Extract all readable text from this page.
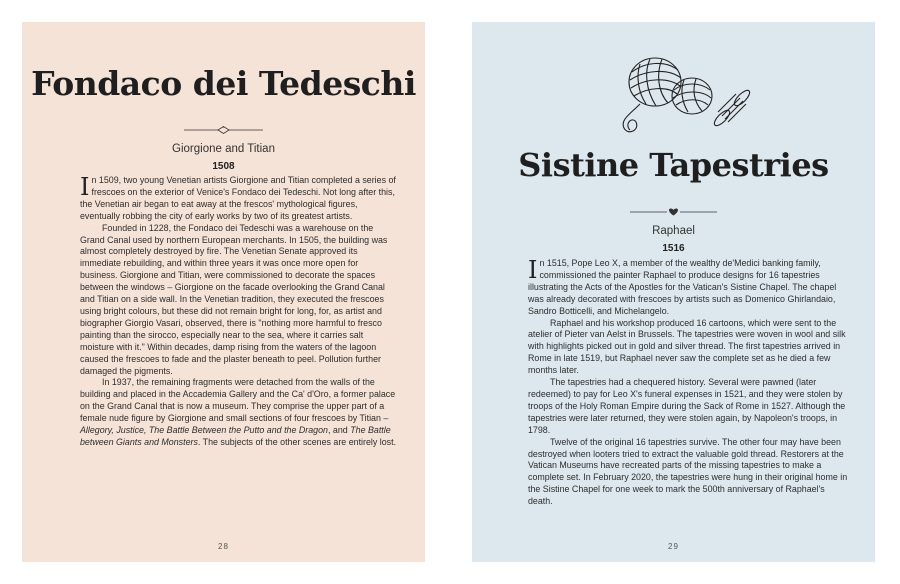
Fondaco dei Tedeschi
Giorgione and Titian
1508

In 1509, two young Venetian artists Giorgione and Titian completed a series of frescoes on the exterior of Venice's Fondaco dei Tedeschi. Not long after this, the Venetian air began to eat away at the frescos' mythological figures, eventually robbing the city of early works by two of its greatest artists.

Founded in 1228, the Fondaco dei Tedeschi was a warehouse on the Grand Canal used by northern European merchants. In 1505, the building was almost completely destroyed by fire. The Venetian Senate approved its immediate rebuilding, and within three years it was once more open for business. Giorgione and Titian, were commissioned to decorate the spaces between the windows – Giorgione on the facade overlooking the Grand Canal and Titian on a side wall. In the Venetian tradition, they executed the frescoes using bright colours, but these did not remain bright for long, for, as artist and biographer Giorgio Vasari, observed, there is "nothing more harmful to fresco painting than the sirocco, especially near to the sea, where it carries salt moisture with it." Within decades, damp rising from the waters of the lagoon caused the frescoes to fade and the plaster beneath to peel. Pollution further damaged the pigments.

In 1937, the remaining fragments were detached from the walls of the building and placed in the Accademia Gallery and the Ca' d'Oro, a former palace on the Grand Canal that is now a museum. They comprise the upper part of a female nude figure by Giorgione and small sections of four frescoes by Titian – Allegory, Justice, The Battle Between the Putto and the Dragon, and The Battle between Giants and Monsters. The subjects of the other scenes are entirely lost.

28
Sistine Tapestries
Raphael
1516

In 1515, Pope Leo X, a member of the wealthy de'Medici banking family, commissioned the painter Raphael to produce designs for 16 tapestries illustrating the Acts of the Apostles for the Vatican's Sistine Chapel. The chapel was already decorated with frescoes by artists such as Domenico Ghirlandaio, Sandro Botticelli, and Michelangelo.

Raphael and his workshop produced 16 cartoons, which were sent to the atelier of Pieter van Aelst in Brussels. The tapestries were woven in wool and silk with highlights picked out in gold and silver thread. The first tapestries arrived in Rome in late 1519, but Raphael never saw the complete set as he died a few months later.

The tapestries had a chequered history. Several were pawned (later redeemed) to pay for Leo X's funeral expenses in 1521, and they were stolen by troops of the Holy Roman Empire during the Sack of Rome in 1527. Although the tapestries were later returned, they were stolen again, by Napoleon's troops, in 1798.

Twelve of the original 16 tapestries survive. The other four may have been destroyed when looters tried to extract the valuable gold thread. Restorers at the Vatican Museums have recreated parts of the missing tapestries to make a complete set. In February 2020, the tapestries were hung in their original home in the Sistine Chapel for one week to mark the 500th anniversary of Raphael's death.

29
